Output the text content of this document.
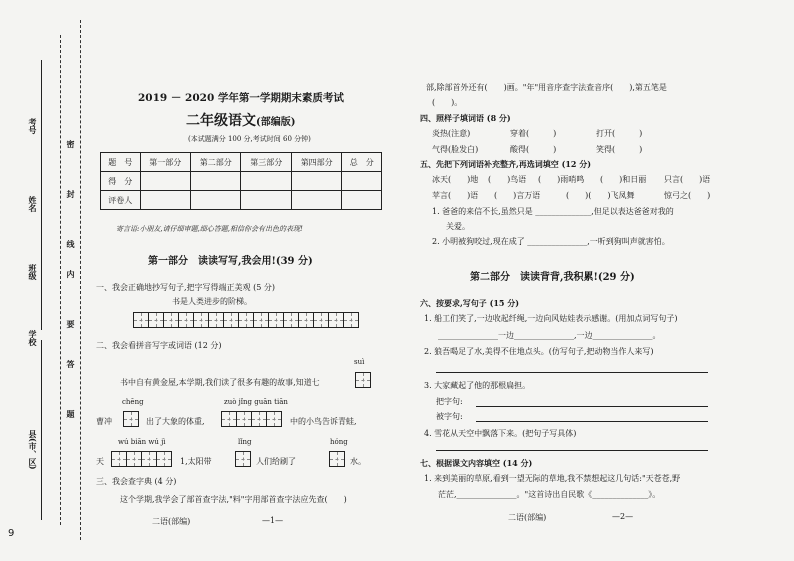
9
考号
姓名
班级
学校
县(市、区)
密
封
线
内
要
答
题
2019 － 2020 学年第一学期期末素质考试
二年级语文(部编版)
(本试题满分 100 分,考试时间 60 分钟)
题　号	第一部分	第二部分	第三部分	第四部分	总　分
得　分					
评卷人					
寄言语:小朋友,请仔细审题,细心答题,相信你会有出色的表现!
第一部分　读读写写,我会用!(39 分)
一、我会正确地抄写句子,把字写得端正美观 (5 分)
书是人类进步的阶梯。
二、我会看拼音写字或词语 (12 分)
suì
书中自有黄金屋,本学期,我们读了很多有趣的故事,知道七
chēng	zuò jǐng guān tiān
曹冲	出了大象的体重,	中的小鸟告诉青蛙,
wú biān wú jì	lǐng	hóng
天	1,太阳带	人们给刷了	水。
三、我会查字典 (4 分)
这个学期,我学会了部首查字法,"料"字用部首查字法应先查(　　)
二语(部编)	—1—
部,除部首外还有(　　)画。"年"用音序查字法查音序(　　),第五笔是
(　　)。
四、照样子填词语 (8 分)
炎热(注意)	穿着(　　　)	打开(　　　)
气得(脸发白)	酸得(　　　)	笑得(　　　)
五、先把下列词语补充整齐,再选词填空 (12 分)
冰天(　　)地 (　　)鸟语 (　　)雨哨鸣 (　　)和日丽 只言(　　)语
苹言(　　)语 (　　)言万语	(　　)(　　)飞凤舞	惊弓之(　　)
1. 爸爸的来信不长,虽然只是 ______________,但足以表达爸爸对我的
关爱。
2. 小明被狗咬过,现在成了 _______________,一听到狗叫声就害怕。
第二部分　读读背背,我积累!(29 分)
六、按要求,写句子 (15 分)
1. 船工们笑了,一边收起纤绳,一边向风姑娃表示感谢。(用加点词写句子)
_______________一边_______________,一边_______________。
2. 狼吾喝足了水,美得不住地点头。(仿写句子,把动物当作人来写)
3. 大家藏起了他的那根扁担。
把字句:
被字句:
4. 雪花从天空中飘落下来。(把句子写具体)
七、根据课文内容填空 (14 分)
1. 来到美丽的草原,看到一望无际的草地,我不禁想起这几句话:"天苍苍,野
茫茫,_______________。"这首诗出自民歌《______________》。
二语(部编)	—2—
